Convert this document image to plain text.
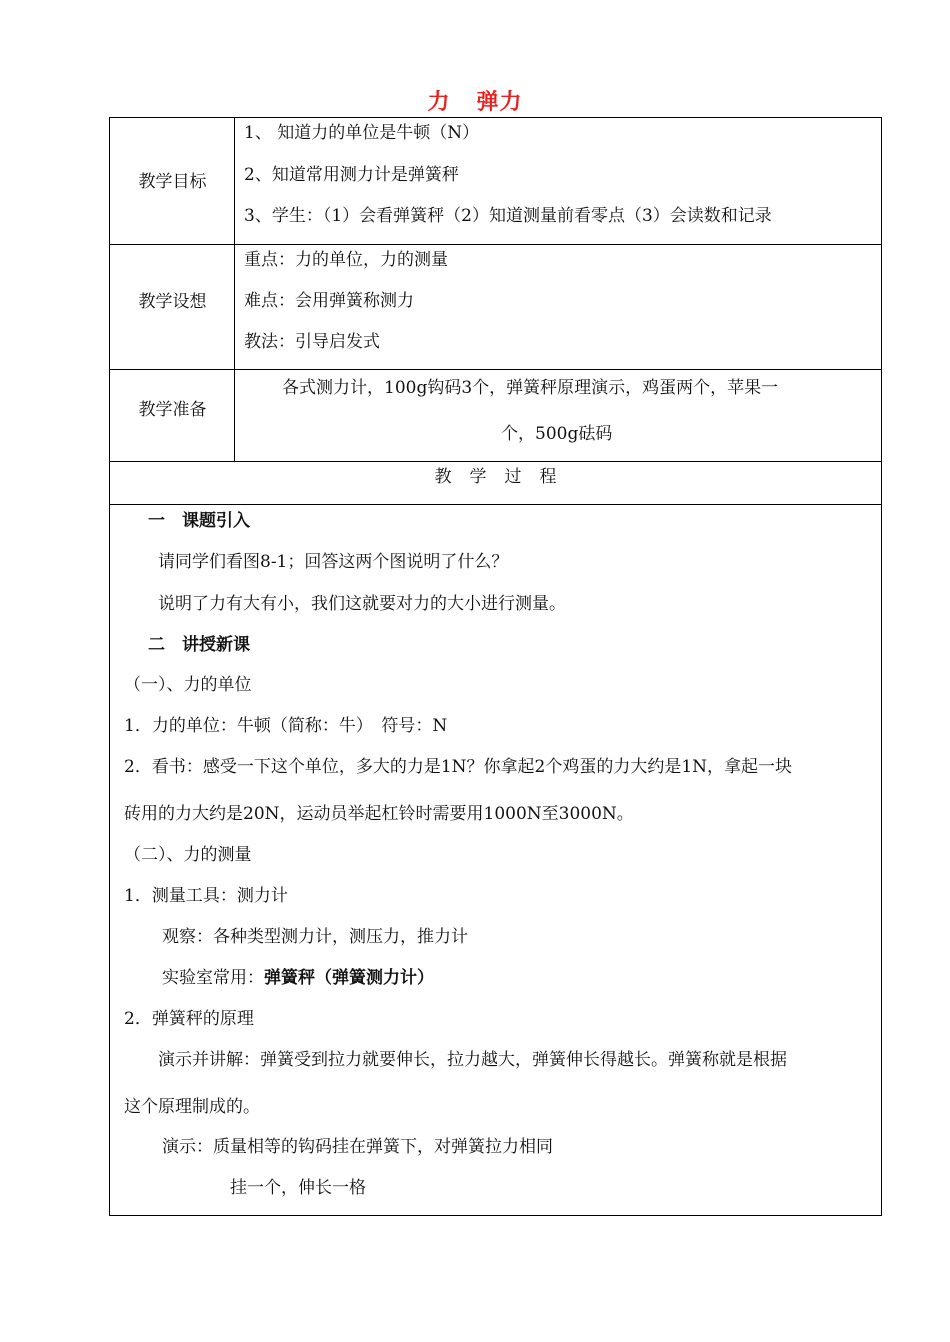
力 弹力
教学目标
1、 知道力的单位是牛顿（N）
2、知道常用测力计是弹簧秤
3、学生：（1）会看弹簧秤（2）知道测量前看零点（3）会读数和记录
教学设想
重点：力的单位，力的测量
难点：会用弹簧称测力
教法：引导启发式
教学准备
各式测力计，100g钩码3个，弹簧秤原理演示，鸡蛋两个，苹果一
个，500g砝码
教学过程
一　课题引入
请同学们看图8-1；回答这两个图说明了什么？
说明了力有大有小，我们这就要对力的大小进行测量。
二　讲授新课
（一）、力的单位
1．力的单位：牛顿（简称：牛）　符号：N
2．看书：感受一下这个单位，多大的力是1N？你拿起2个鸡蛋的力大约是1N，拿起一块
砖用的力大约是20N，运动员举起杠铃时需要用1000N至3000N。
（二）、力的测量
1．测量工具：测力计
观察：各种类型测力计，测压力，推力计
实验室常用：弹簧秤（弹簧测力计）
2．弹簧秤的原理
演示并讲解：弹簧受到拉力就要伸长，拉力越大，弹簧伸长得越长。弹簧称就是根据
这个原理制成的。
演示：质量相等的钩码挂在弹簧下，对弹簧拉力相同
挂一个，伸长一格
